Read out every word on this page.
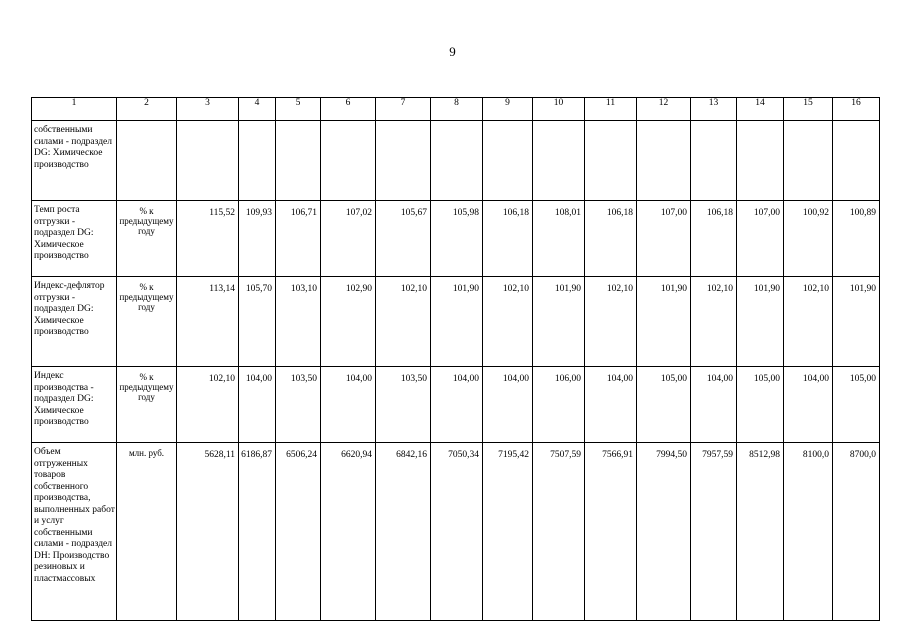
9
1	2	3	4	5	6	7	8	9	10	11	12	13	14	15	16
собственными силами - подраздел DG: Химическое производство															
Темп роста отгрузки - подраздел DG: Химическое производство	% к предыдущему году	115,52	109,93	106,71	107,02	105,67	105,98	106,18	108,01	106,18	107,00	106,18	107,00	100,92	100,89
Индекс-дефлятор отгрузки - подраздел DG: Химическое производство	% к предыдущему году	113,14	105,70	103,10	102,90	102,10	101,90	102,10	101,90	102,10	101,90	102,10	101,90	102,10	101,90
Индекс производства - подраздел DG: Химическое производство	% к предыдущему году	102,10	104,00	103,50	104,00	103,50	104,00	104,00	106,00	104,00	105,00	104,00	105,00	104,00	105,00
Объем отгруженных товаров собственного производства, выполненных работ и услуг собственными силами - подраздел DH: Производство резиновых и пластмассовых	млн. руб.	5628,11	6186,87	6506,24	6620,94	6842,16	7050,34	7195,42	7507,59	7566,91	7994,50	7957,59	8512,98	8100,0	8700,0
